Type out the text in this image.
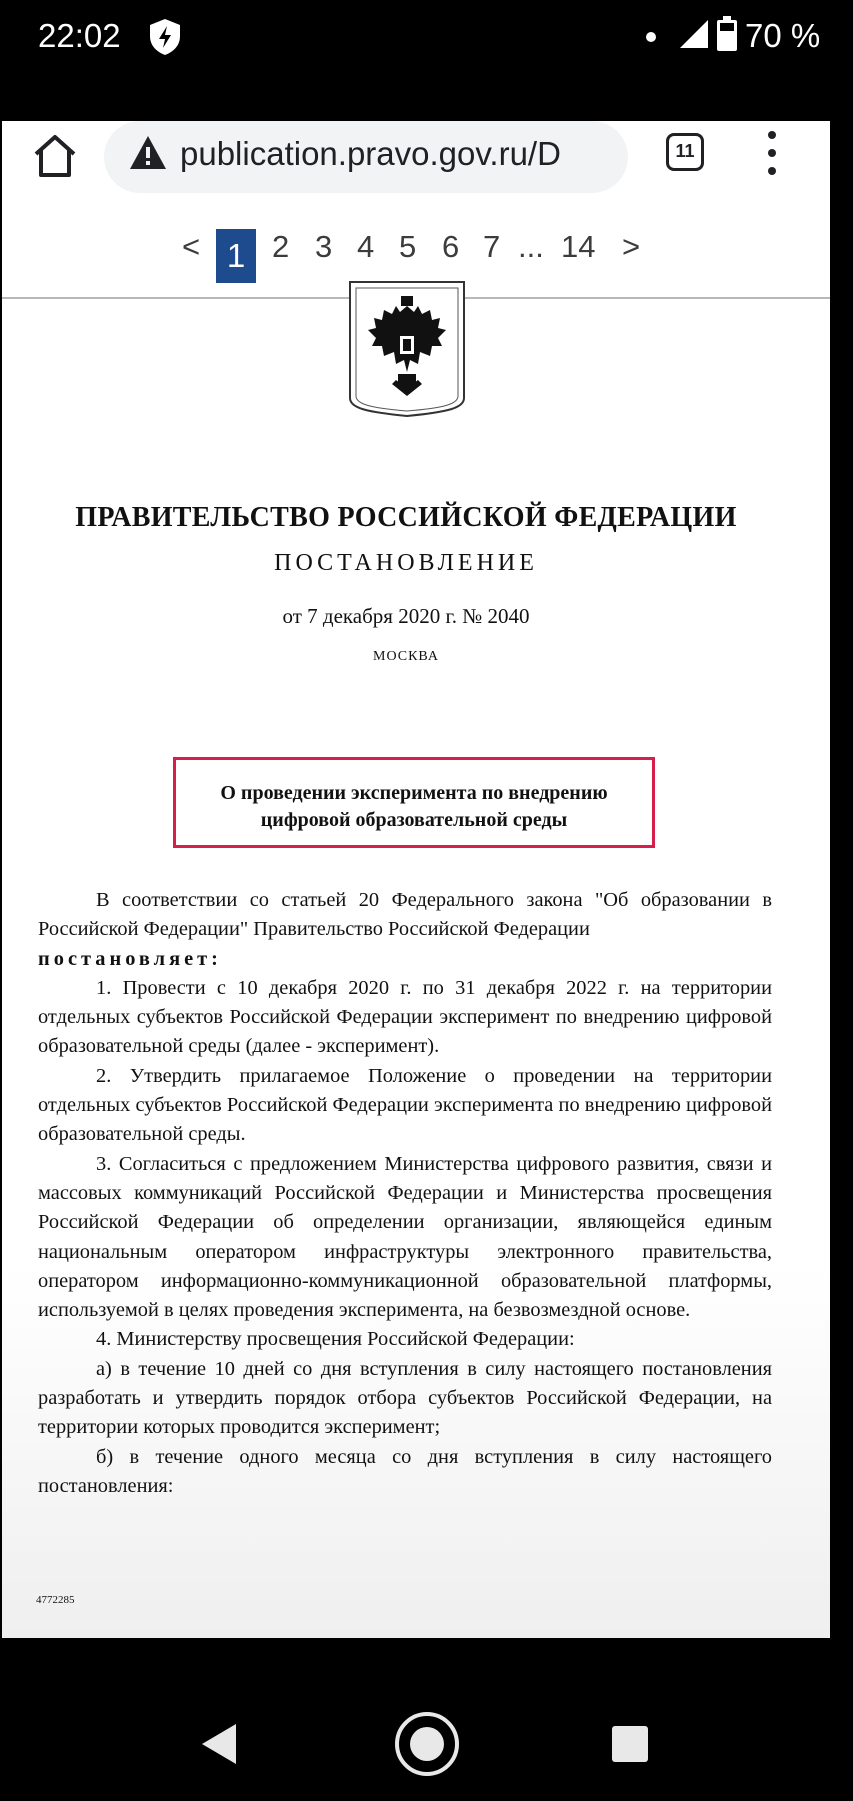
22:02	70 %
publication.pravo.gov.ru/D	11
< 1 2 3 4 5 6 7 ... 14 >
ПРАВИТЕЛЬСТВО РОССИЙСКОЙ ФЕДЕРАЦИИ
ПОСТАНОВЛЕНИЕ
от 7 декабря 2020 г. № 2040
МОСКВА
О проведении эксперимента по внедрению
цифровой образовательной среды

В соответствии со статьей 20 Федерального закона "Об образовании в Российской Федерации" Правительство Российской Федерации

постановляет:

1. Провести с 10 декабря 2020 г. по 31 декабря 2022 г. на территории отдельных субъектов Российской Федерации эксперимент по внедрению цифровой образовательной среды (далее - эксперимент).

2. Утвердить прилагаемое Положение о проведении на территории отдельных субъектов Российской Федерации эксперимента по внедрению цифровой образовательной среды.

3. Согласиться с предложением Министерства цифрового развития, связи и массовых коммуникаций Российской Федерации и Министерства просвещения Российской Федерации об определении организации, являющейся единым национальным оператором инфраструктуры электронного правительства, оператором информационно-коммуникационной образовательной платформы, используемой в целях проведения эксперимента, на безвозмездной основе.

4. Министерству просвещения Российской Федерации:

а) в течение 10 дней со дня вступления в силу настоящего постановления разработать и утвердить порядок отбора субъектов Российской Федерации, на территории которых проводится эксперимент;

б) в течение одного месяца со дня вступления в силу настоящего постановления:

4772285
